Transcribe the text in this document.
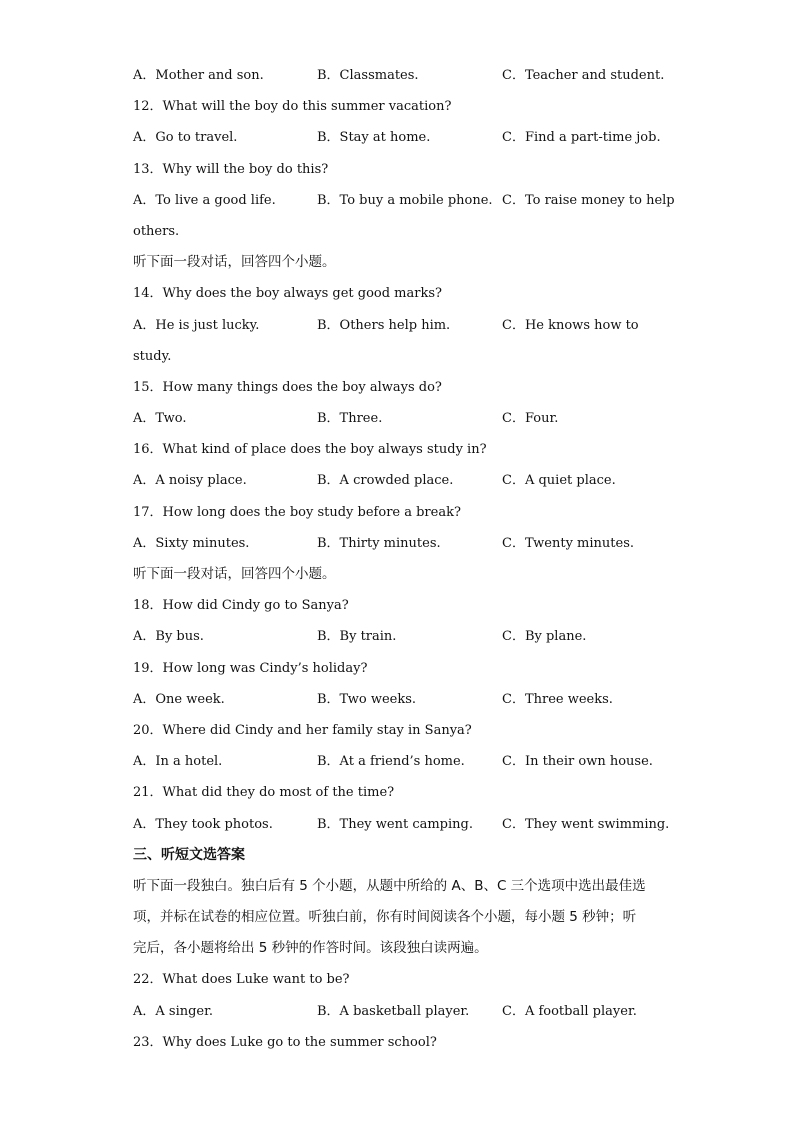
A．Mother and son.	B．Classmates.	C．Teacher and student.
12．What will the boy do this summer vacation?
A．Go to travel.	B．Stay at home.	C．Find a part-time job.
13．Why will the boy do this?
A．To live a good life.	B．To buy a mobile phone. C．To raise money to help
others.
听下面一段对话，回答四个小题。
14．Why does the boy always get good marks?
A．He is just lucky.	B．Others help him.	C．He knows how to
study.
15．How many things does the boy always do?
A．Two.	B．Three.	C．Four.
16．What kind of place does the boy always study in?
A．A noisy place.	B．A crowded place.	C．A quiet place.
17．How long does the boy study before a break?
A．Sixty minutes.	B．Thirty minutes.	C．Twenty minutes.
听下面一段对话，回答四个小题。
18．How did Cindy go to Sanya?
A．By bus.	B．By train.	C．By plane.
19．How long was Cindy’s holiday?
A．One week.	B．Two weeks.	C．Three weeks.
20．Where did Cindy and her family stay in Sanya?
A．In a hotel.	B．At a friend’s home.	C．In their own house.
21．What did they do most of the time?
A．They took photos.	B．They went camping. C．They went swimming.
三、听短文选答案
听下面一段独白。独白后有 5 个小题，从题中所给的 A、B、C 三个选项中选出最佳选
项，并标在试卷的相应位置。听独白前，你有时间阅读各个小题，每小题 5 秒钟；听
完后，各小题将给出 5 秒钟的作答时间。该段独白读两遍。
22．What does Luke want to be?
A．A singer.	B．A basketball player.	C．A football player.
23．Why does Luke go to the summer school?
